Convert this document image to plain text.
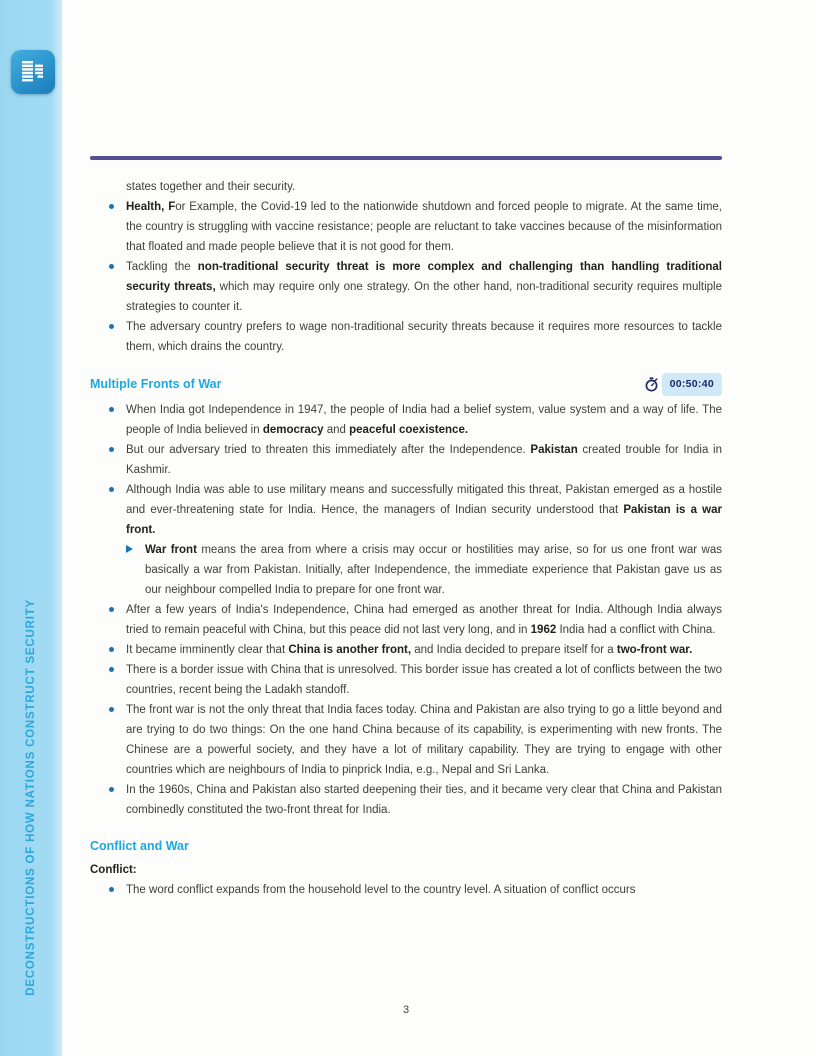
DECONSTRUCTIONS OF HOW NATIONS CONSTRUCT SECURITY
states together and their security.
Health, For Example, the Covid-19 led to the nationwide shutdown and forced people to migrate. At the same time, the country is struggling with vaccine resistance; people are reluctant to take vaccines because of the misinformation that floated and made people believe that it is not good for them.
Tackling the non-traditional security threat is more complex and challenging than handling traditional security threats, which may require only one strategy. On the other hand, non-traditional security requires multiple strategies to counter it.
The adversary country prefers to wage non-traditional security threats because it requires more resources to tackle them, which drains the country.
Multiple Fronts of War	00:50:40
When India got Independence in 1947, the people of India had a belief system, value system and a way of life. The people of India believed in democracy and peaceful coexistence.
But our adversary tried to threaten this immediately after the Independence. Pakistan created trouble for India in Kashmir.
Although India was able to use military means and successfully mitigated this threat, Pakistan emerged as a hostile and ever-threatening state for India. Hence, the managers of Indian security understood that Pakistan is a war front.
War front means the area from where a crisis may occur or hostilities may arise, so for us one front war was basically a war from Pakistan. Initially, after Independence, the immediate experience that Pakistan gave us as our neighbour compelled India to prepare for one front war.
After a few years of India's Independence, China had emerged as another threat for India. Although India always tried to remain peaceful with China, but this peace did not last very long, and in 1962 India had a conflict with China.
It became imminently clear that China is another front, and India decided to prepare itself for a two-front war.
There is a border issue with China that is unresolved. This border issue has created a lot of conflicts between the two countries, recent being the Ladakh standoff.
The front war is not the only threat that India faces today. China and Pakistan are also trying to go a little beyond and are trying to do two things: On the one hand China because of its capability, is experimenting with new fronts. The Chinese are a powerful society, and they have a lot of military capability. They are trying to engage with other countries which are neighbours of India to pinprick India, e.g., Nepal and Sri Lanka.
In the 1960s, China and Pakistan also started deepening their ties, and it became very clear that China and Pakistan combinedly constituted the two-front threat for India.
Conflict and War
Conflict:
The word conflict expands from the household level to the country level. A situation of conflict occurs
3
